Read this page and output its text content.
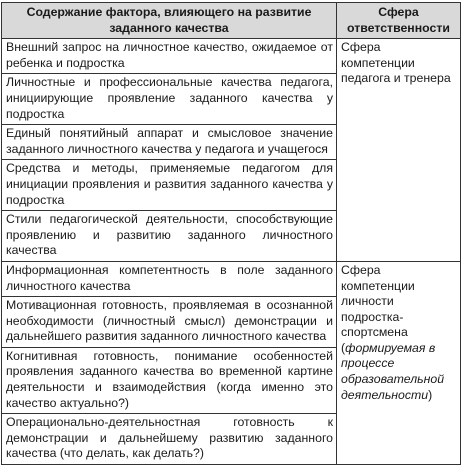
Содержание фактора, влияющего на развитие заданного качества	Сфера ответственности
Внешний запрос на личностное качество, ожидаемое от ребенка и подростка	Сфера компетенции педагога и тренера
Личностные и профессиональные качества педагога, инициирующие проявление заданного качества у подростка	
Единый понятийный аппарат и смысловое значение заданного личностного качества у педагога и учащегося	
Средства и методы, применяемые педагогом для инициации проявления и развития заданного качества у подростка	
Стили педагогической деятельности, способствующие проявлению и развитию заданного личностного качества	
Информационная компетентность в поле заданного личностного качества	Сфера компетенции личности подростка-спортсмена (формируемая в процессе образовательной деятельности)
Мотивационная готовность, проявляемая в осознанной необходимости (личностный смысл) демонстрации и дальнейшего развития заданного личностного качества	
Когнитивная готовность, понимание особенностей проявления заданного качества во временной картине деятельности и взаимодействия (когда именно это качество актуально?)	
Операционально-деятельностная готовность к демонстрации и дальнейшему развитию заданного качества (что делать, как делать?)	
